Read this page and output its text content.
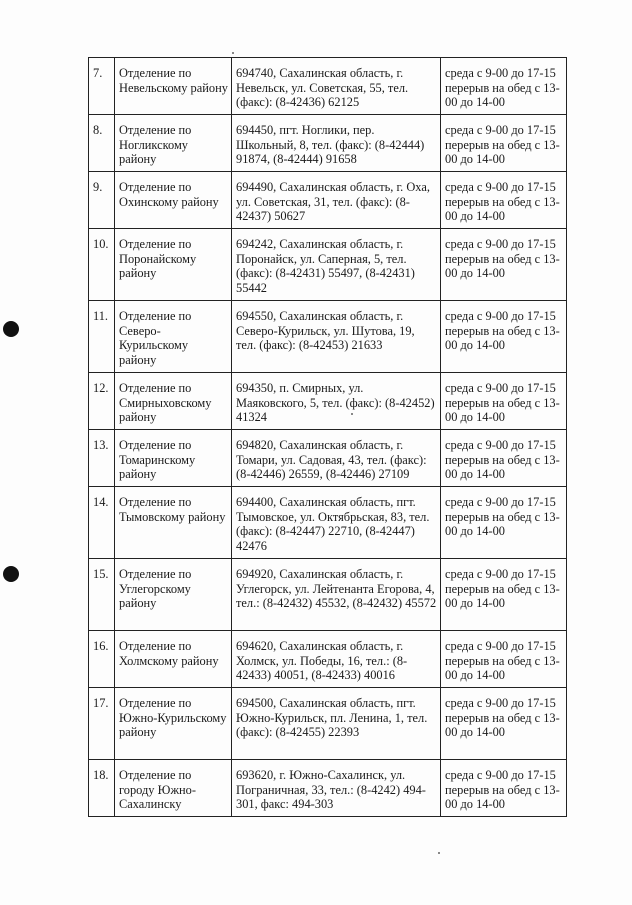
7.	Отделение по Невельскому району	694740, Сахалинская область, г. Невельск, ул. Советская, 55, тел. (факс): (8-42436) 62125	среда с 9-00 до 17-15 перерыв на обед с 13-00 до 14-00
8.	Отделение по Ногликскому району	694450, пгт. Ноглики, пер. Школьный, 8, тел. (факс): (8-42444) 91874, (8-42444) 91658	среда с 9-00 до 17-15 перерыв на обед с 13-00 до 14-00
9.	Отделение по Охинскому району	694490, Сахалинская область, г. Оха, ул. Советская, 31, тел. (факс): (8-42437) 50627	среда с 9-00 до 17-15 перерыв на обед с 13-00 до 14-00
10.	Отделение по Поронайскому району	694242, Сахалинская область, г. Поронайск, ул. Саперная, 5, тел. (факс): (8-42431) 55497, (8-42431) 55442	среда с 9-00 до 17-15 перерыв на обед с 13-00 до 14-00
11.	Отделение по Северо-Курильскому району	694550, Сахалинская область, г. Северо-Курильск, ул. Шутова, 19, тел. (факс): (8-42453) 21633	среда с 9-00 до 17-15 перерыв на обед с 13-00 до 14-00
12.	Отделение по Смирныховскому району	694350, п. Смирных, ул. Маяковского, 5, тел. (факс): (8-42452) 41324	среда с 9-00 до 17-15 перерыв на обед с 13-00 до 14-00
13.	Отделение по Томаринскому району	694820, Сахалинская область, г. Томари, ул. Садовая, 43, тел. (факс): (8-42446) 26559, (8-42446) 27109	среда с 9-00 до 17-15 перерыв на обед с 13-00 до 14-00
14.	Отделение по Тымовскому району	694400, Сахалинская область, пгт. Тымовское, ул. Октябрьская, 83, тел. (факс): (8-42447) 22710, (8-42447) 42476	среда с 9-00 до 17-15 перерыв на обед с 13-00 до 14-00
15.	Отделение по Углегорскому району	694920, Сахалинская область, г. Углегорск, ул. Лейтенанта Егорова, 4, тел.: (8-42432) 45532, (8-42432) 45572	среда с 9-00 до 17-15 перерыв на обед с 13-00 до 14-00
16.	Отделение по Холмскому району	694620, Сахалинская область, г. Холмск, ул. Победы, 16, тел.: (8-42433) 40051, (8-42433) 40016	среда с 9-00 до 17-15 перерыв на обед с 13-00 до 14-00
17.	Отделение по Южно-Курильскому району	694500, Сахалинская область, пгт. Южно-Курильск, пл. Ленина, 1, тел. (факс): (8-42455) 22393	среда с 9-00 до 17-15 перерыв на обед с 13-00 до 14-00
18.	Отделение по городу Южно-Сахалинску	693620, г. Южно-Сахалинск, ул. Пограничная, 33, тел.: (8-4242) 494-301, факс: 494-303	среда с 9-00 до 17-15 перерыв на обед с 13-00 до 14-00
